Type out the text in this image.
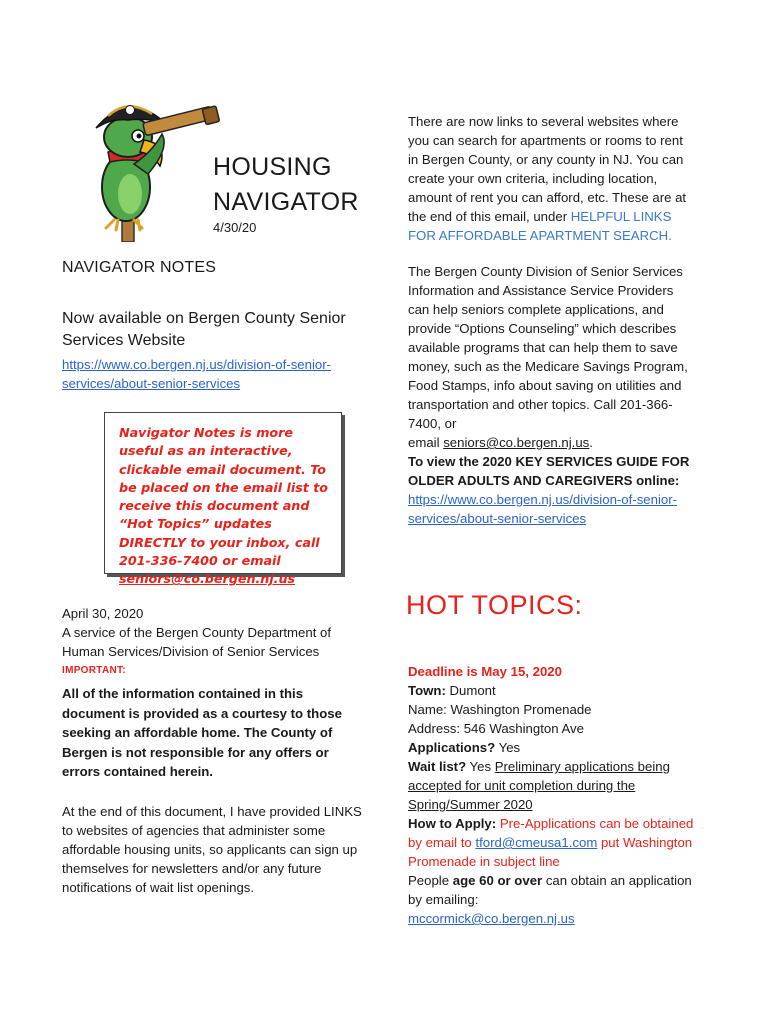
HOUSING
NAVIGATOR
4/30/20
NAVIGATOR NOTES
Now available on Bergen County Senior Services Website
https://www.co.bergen.nj.us/division-of-senior-services/about-senior-services
Navigator Notes is more useful as an interactive, clickable email document. To be placed on the email list to receive this document and “Hot Topics” updates DIRECTLY to your inbox, call 201-336-7400 or email seniors@co.bergen.nj.us
April 30, 2020
A service of the Bergen County Department of Human Services/Division of Senior Services
IMPORTANT:
All of the information contained in this document is provided as a courtesy to those seeking an affordable home. The County of Bergen is not responsible for any offers or errors contained herein.
At the end of this document, I have provided LINKS to websites of agencies that administer some affordable housing units, so applicants can sign up themselves for newsletters and/or any future notifications of wait list openings.
There are now links to several websites where you can search for apartments or rooms to rent in Bergen County, or any county in NJ. You can create your own criteria, including location, amount of rent you can afford, etc. These are at the end of this email, under HELPFUL LINKS FOR AFFORDABLE APARTMENT SEARCH.
The Bergen County Division of Senior Services Information and Assistance Service Providers can help seniors complete applications, and provide “Options Counseling” which describes available programs that can help them to save money, such as the Medicare Savings Program, Food Stamps, info about saving on utilities and transportation and other topics. Call 201-366-7400, or
email seniors@co.bergen.nj.us.
To view the 2020 KEY SERVICES GUIDE FOR OLDER ADULTS AND CAREGIVERS online:
https://www.co.bergen.nj.us/division-of-senior-services/about-senior-services
HOT TOPICS:
Deadline is May 15, 2020
Town: Dumont
Name: Washington Promenade
Address: 546 Washington Ave
Applications? Yes
Wait list? Yes Preliminary applications being accepted for unit completion during the Spring/Summer 2020
How to Apply: Pre-Applications can be obtained by email to tford@cmeusa1.com put Washington Promenade in subject line
People age 60 or over can obtain an application by emailing:
mccormick@co.bergen.nj.us
